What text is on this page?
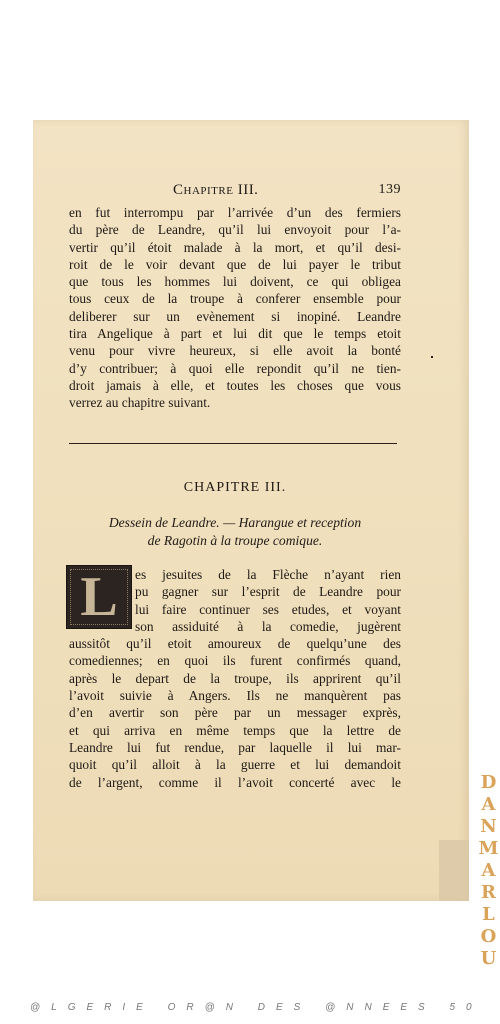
Chapitre III.	139
en fut interrompu par l’arrivée d’un des fermiers
du père de Leandre, qu’il lui envoyoit pour l’a-
vertir qu’il étoit malade à la mort, et qu’il desi-
roit de le voir devant que de lui payer le tribut
que tous les hommes lui doivent, ce qui obligea
tous ceux de la troupe à conferer ensemble pour
deliberer sur un evènement si inopiné. Leandre
tira Angelique à part et lui dit que le temps etoit
venu pour vivre heureux, si elle avoit la bonté
d’y contribuer; à quoi elle repondit qu’il ne tien-
droit jamais à elle, et toutes les choses que vous
verrez au chapitre suivant.
CHAPITRE III.
Dessein de Leandre. — Harangue et reception
de Ragotin à la troupe comique.
L	es jesuites de la Flèche n’ayant rien
pu gagner sur l’esprit de Leandre pour
lui faire continuer ses etudes, et voyant
son assiduité à la comedie, jugèrent
aussitôt qu’il etoit amoureux de quelqu’une des
comediennes; en quoi ils furent confirmés quand,
après le depart de la troupe, ils apprirent qu’il
l’avoit suivie à Angers. Ils ne manquèrent pas
d’en avertir son père par un messager exprès,
et qui arriva en même temps que la lettre de
Leandre lui fut rendue, par laquelle il lui mar-
quoit qu’il alloit à la guerre et lui demandoit
de l’argent, comme il l’avoit concerté avec le	DANMARLOU
@LGERIE OR@N DES @NNEES 50
